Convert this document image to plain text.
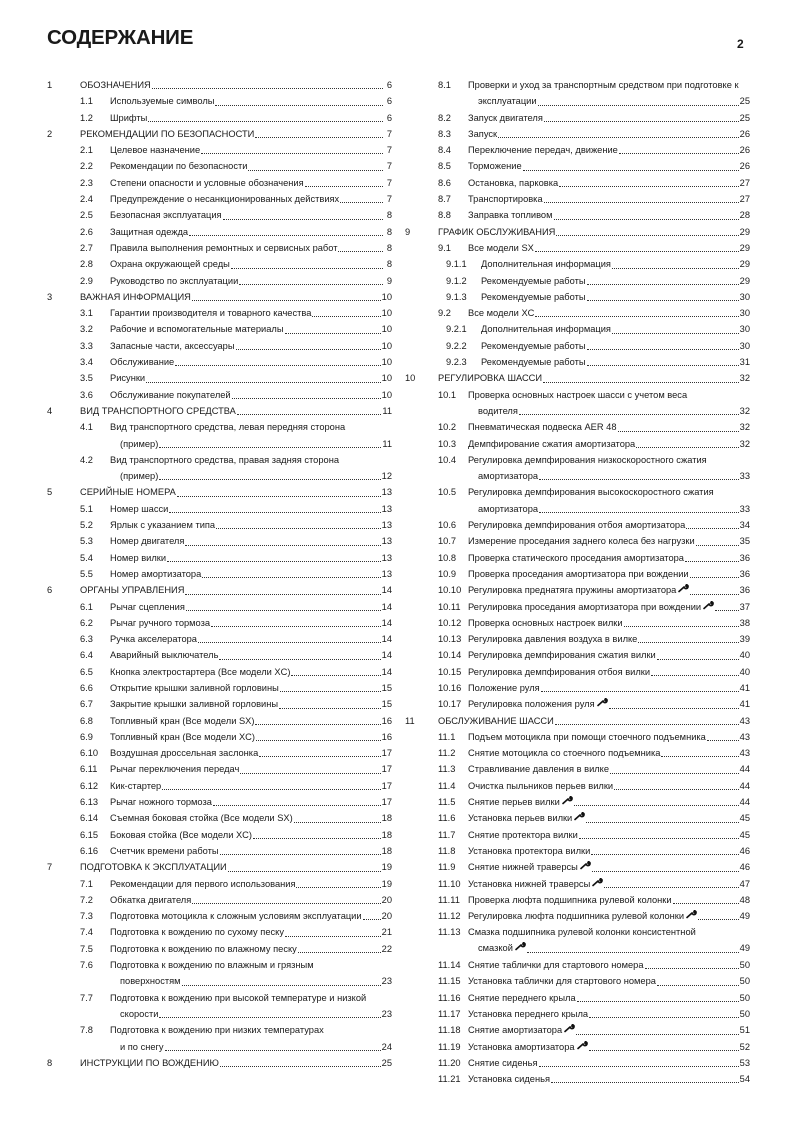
СОДЕРЖАНИЕ	2
1	ОБОЗНАЧЕНИЯ	6
1.1 Используемые символы	6
1.2 Шрифты	6
2	РЕКОМЕНДАЦИИ ПО БЕЗОПАСНОСТИ	7
2.1 Целевое назначение	7
2.2 Рекомендации по безопасности	7
2.3 Степени опасности и условные обозначения	7
2.4 Предупреждение о несанкционированных действиях	7
2.5 Безопасная эксплуатация	8
2.6 Защитная одежда	8
2.7 Правила выполнения ремонтных и сервисных работ	8
2.8 Охрана окружающей среды	8
2.9 Руководство по эксплуатации	9
3	ВАЖНАЯ ИНФОРМАЦИЯ	10
3.1 Гарантии производителя и товарного качества	10
3.2 Рабочие и вспомогательные материалы	10
3.3 Запасные части, аксессуары	10
3.4 Обслуживание	10
3.5 Рисунки	10
3.6 Обслуживание покупателей	10
4	ВИД ТРАНСПОРТНОГО СРЕДСТВА	11
4.1 Вид транспортного средства, левая передняя сторона
(пример)	11
4.2 Вид транспортного средства, правая задняя сторона
(пример)	12
5	СЕРИЙНЫЕ НОМЕРА	13
5.1 Номер шасси	13
5.2 Ярлык с указанием типа	13
5.3 Номер двигателя	13
5.4 Номер вилки	13
5.5 Номер амортизатора	13
6	ОРГАНЫ УПРАВЛЕНИЯ	14
6.1 Рычаг сцепления	14
6.2 Рычаг ручного тормоза	14
6.3 Ручка акселератора	14
6.4 Аварийный выключатель	14
6.5 Кнопка электростартера (Все модели XC)	14
6.6 Открытие крышки заливной горловины	15
6.7 Закрытие крышки заливной горловины	15
6.8 Топливный кран (Все модели SX)	16
6.9 Топливный кран (Все модели XC)	16
6.10 Воздушная дроссельная заслонка	17
6.11 Рычаг переключения передач	17
6.12 Кик-стартер	17
6.13 Рычаг ножного тормоза	17
6.14 Съемная боковая стойка (Все модели SX)	18
6.15 Боковая стойка (Все модели XC)	18
6.16 Счетчик времени работы	18
7	ПОДГОТОВКА К ЭКСПЛУАТАЦИИ	19
7.1 Рекомендации для первого использования	19
7.2 Обкатка двигателя	20
7.3 Подготовка мотоцикла к сложным условиям эксплуатации 20
7.4 Подготовка к вождению по сухому песку	21
7.5 Подготовка к вождению по влажному песку	22
7.6 Подготовка к вождению по влажным и грязным
поверхностям	23
7.7 Подготовка к вождению при высокой температуре и низкой
скорости	23
7.8 Подготовка к вождению при низких температурах
и по снегу	24
8	ИНСТРУКЦИИ ПО ВОЖДЕНИЮ	25
8.1 Проверки и уход за транспортным средством при подготовке к
эксплуатации	25
8.2 Запуск двигателя	25
8.3 Запуск	26
8.4 Переключение передач, движение	26
8.5 Торможение	26
8.6 Остановка, парковка	27
8.7 Транспортировка	27
8.8 Заправка топливом	28
9	ГРАФИК ОБСЛУЖИВАНИЯ	29
9.1 Все модели SX	29
9.1.1 Дополнительная информация	29
9.1.2 Рекомендуемые работы	29
9.1.3 Рекомендуемые работы	30
9.2 Все модели XC	30
9.2.1 Дополнительная информация	30
9.2.2 Рекомендуемые работы	30
9.2.3 Рекомендуемые работы	31
10 РЕГУЛИРОВКА ШАССИ	32
10.1 Проверка основных настроек шасси с учетом веса
водителя	32
10.2 Пневматическая подвеска AER 48	32
10.3 Демпфирование сжатия амортизатора	32
10.4 Регулировка демпфирования низкоскоростного сжатия
амортизатора	33
10.5 Регулировка демпфирования высокоскоростного сжатия
амортизатора	33
10.6 Регулировка демпфирования отбоя амортизатора	34
10.7 Измерение проседания заднего колеса без нагрузки	35
10.8 Проверка статического проседания амортизатора	36
10.9 Проверка проседания амортизатора при вождении	36
10.10 Регулировка преднатяга пружины амортизатора	36
10.11 Регулировка проседания амортизатора при вождении	37
10.12 Проверка основных настроек вилки	38
10.13 Регулировка давления воздуха в вилке	39
10.14 Регулировка демпфирования сжатия вилки	40
10.15 Регулировка демпфирования отбоя вилки	40
10.16 Положение руля	41
10.17 Регулировка положения руля	41
11	ОБСЛУЖИВАНИЕ ШАССИ	43
11.1 Подъем мотоцикла при помощи стоечного подъемника	43
11.2 Снятие мотоцикла со стоечного подъемника	43
11.3 Стравливание давления в вилке	44
11.4 Очистка пыльников перьев вилки	44
11.5 Снятие перьев вилки	44
11.6 Установка перьев вилки	45
11.7 Снятие протектора вилки	45
11.8 Установка протектора вилки	46
11.9 Снятие нижней траверсы	46
11.10 Установка нижней траверсы	47
11.11 Проверка люфта подшипника рулевой колонки	48
11.12 Регулировка люфта подшипника рулевой колонки	49
11.13 Смазка подшипника рулевой колонки консистентной
смазкой	49
11.14 Снятие таблички для стартового номера	50
11.15 Установка таблички для стартового номера	50
11.16 Снятие переднего крыла	50
11.17 Установка переднего крыла	50
11.18 Снятие амортизатора	51
11.19 Установка амортизатора	52
11.20 Снятие сиденья	53
11.21 Установка сиденья	54
